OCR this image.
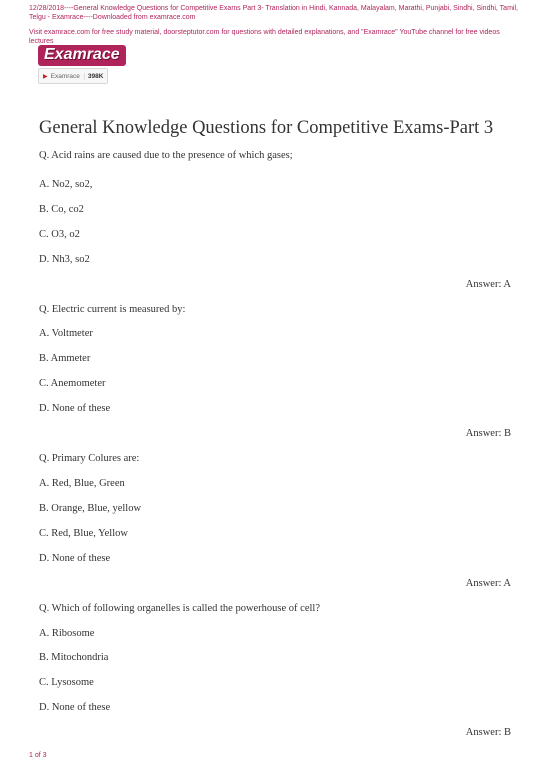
12/28/2018----General Knowledge Questions for Competitive Exams Part 3- Translation in Hindi, Kannada, Malayalam, Marathi, Punjabi, Sindhi, Sindhi, Tamil, Telgu - Examrace----Downloaded from examrace.com
Visit examrace.com for free study material, doorsteptutor.com for questions with detailed explanations, and "Examrace" YouTube channel for free videos lectures
Examrace
▶ Examrace	398K
General Knowledge Questions for Competitive Exams-Part 3
Q. Acid rains are caused due to the presence of which gases;
A. No2, so2,
B. Co, co2
C. O3, o2
D. Nh3, so2
Answer: A
Q. Electric current is measured by:
A. Voltmeter
B. Ammeter
C. Anemometer
D. None of these
Answer: B
Q. Primary Colures are:
A. Red, Blue, Green
B. Orange, Blue, yellow
C. Red, Blue, Yellow
D. None of these
Answer: A
Q. Which of following organelles is called the powerhouse of cell?
A. Ribosome
B. Mitochondria
C. Lysosome
D. None of these
Answer: B
1 of 3
